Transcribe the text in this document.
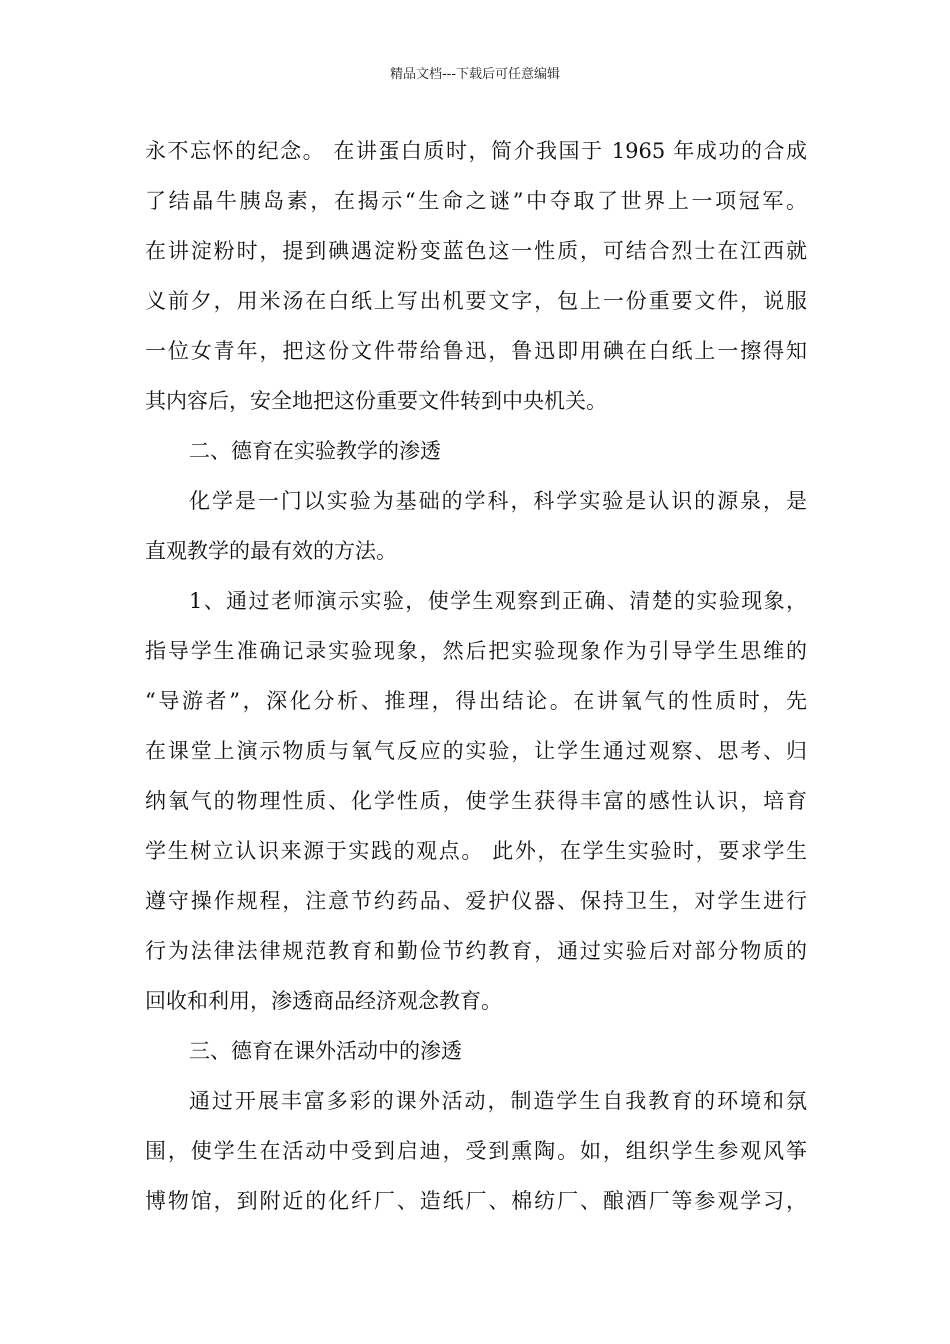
精品文档---下载后可任意编辑
永不忘怀的纪念。 在讲蛋白质时，简介我国于 1965 年成功的合成
了结晶牛胰岛素，在揭示“生命之谜”中夺取了世界上一项冠军。
在讲淀粉时，提到碘遇淀粉变蓝色这一性质，可结合烈士在江西就
义前夕，用米汤在白纸上写出机要文字，包上一份重要文件，说服
一位女青年，把这份文件带给鲁迅，鲁迅即用碘在白纸上一擦得知
其内容后，安全地把这份重要文件转到中央机关。
二、德育在实验教学的渗透
化学是一门以实验为基础的学科，科学实验是认识的源泉，是
直观教学的最有效的方法。
1、通过老师演示实验，使学生观察到正确、清楚的实验现象，
指导学生准确记录实验现象，然后把实验现象作为引导学生思维的
“导游者”，深化分析、推理，得出结论。在讲氧气的性质时，先
在课堂上演示物质与氧气反应的实验，让学生通过观察、思考、归
纳氧气的物理性质、化学性质，使学生获得丰富的感性认识，培育
学生树立认识来源于实践的观点。 此外，在学生实验时，要求学生
遵守操作规程，注意节约药品、爱护仪器、保持卫生，对学生进行
行为法律法律规范教育和勤俭节约教育，通过实验后对部分物质的
回收和利用，渗透商品经济观念教育。
三、德育在课外活动中的渗透
通过开展丰富多彩的课外活动，制造学生自我教育的环境和氛
围，使学生在活动中受到启迪，受到熏陶。如，组织学生参观风筝
博物馆，到附近的化纤厂、造纸厂、棉纺厂、酿酒厂等参观学习，
